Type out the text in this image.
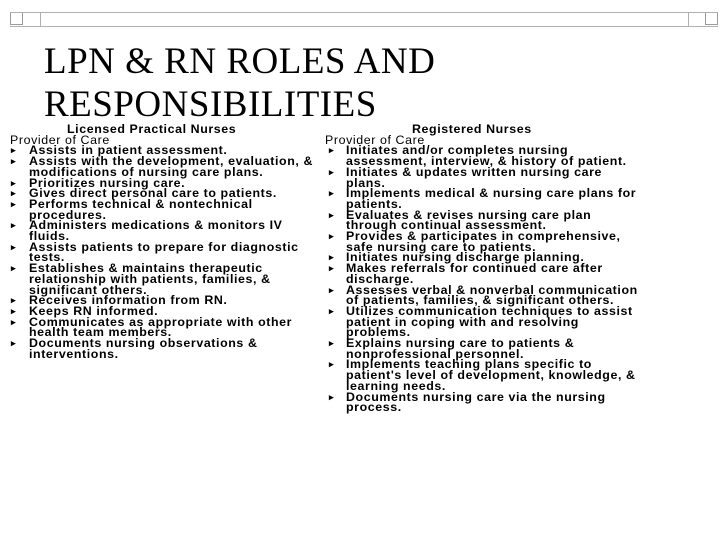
LPN & RN ROLES AND RESPONSIBILITIES
Licensed Practical Nurses
Provider of Care
▸ Assists in patient assessment.
▸ Assists with the development, evaluation, & modifications of nursing care plans.
▸ Prioritizes nursing care.
▸ Gives direct personal care to patients.
▸ Performs technical & nontechnical procedures.
▸ Administers medications & monitors IV fluids.
▸ Assists patients to prepare for diagnostic tests.
▸ Establishes & maintains therapeutic relationship with patients, families, & significant others.
▸ Receives information from RN.
▸ Keeps RN informed.
▸ Communicates as appropriate with other health team members.
▸ Documents nursing observations & interventions.
Registered Nurses
Provider of Care
▸ Initiates and/or completes nursing assessment, interview, & history of patient.
▸ Initiates & updates written nursing care plans.
▸ Implements medical & nursing care plans for patients.
▸ Evaluates & revises nursing care plan through continual assessment.
▸ Provides & participates in comprehensive, safe nursing care to patients.
▸ Initiates nursing discharge planning.
▸ Makes referrals for continued care after discharge.
▸ Assesses verbal & nonverbal communication of patients, families, & significant others.
▸ Utilizes communication techniques to assist patient in coping with and resolving problems.
▸ Explains nursing care to patients & nonprofessional personnel.
▸ Implements teaching plans specific to patient's level of development, knowledge, & learning needs.
▸ Documents nursing care via the nursing process.
